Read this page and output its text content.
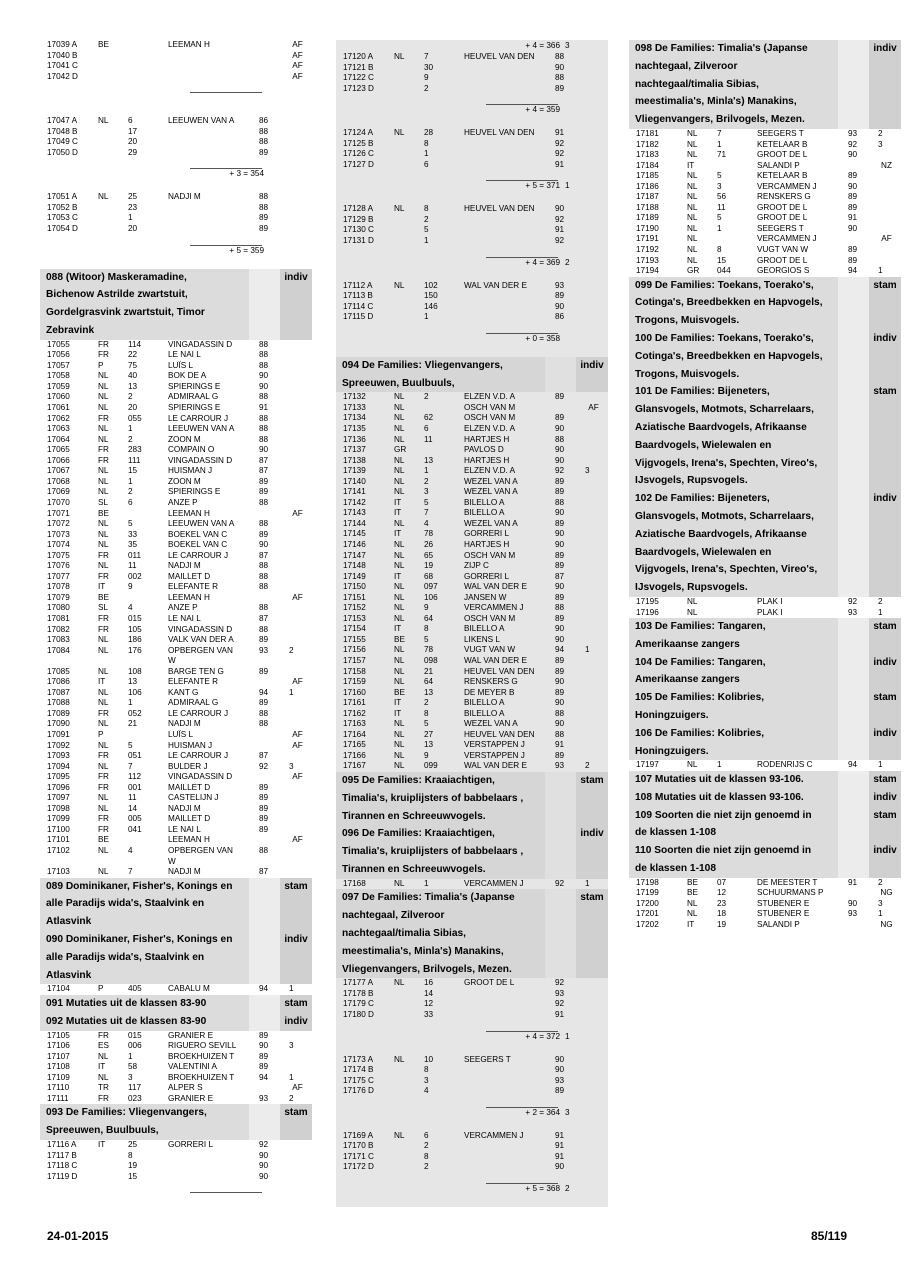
17039 A	BE	LEEMAN H	AF
17040 B	AF
17041 C	AF
17042 D	AF
17047 A	NL	6	LEEUWEN VAN A	86
17048 B	17	88
17049 C	20	88
17050 D	29	89
+ 3 = 354
17051 A	NL	25	NADJI M	88
17052 B	23	88
17053 C	1	89
17054 D	20	89
+ 5 = 359
088 (Witoor) Maskeramadine,
Bichenow Astrilde zwartstuit,
Gordelgrasvink zwartstuit, Timor
Zebravink
indiv
17055	FR	114	VINGADASSIN D	88
17056	FR	22	LE NAI L	88
17057	P	75	LUÏS L	88
17058	NL	40	BOK DE A	90
17059	NL	13	SPIERINGS E	90
17060	NL	2	ADMIRAAL G	88
17061	NL	20	SPIERINGS E	91
17062	FR	055	LE CARROUR J	88
17063	NL	1	LEEUWEN VAN A	88
17064	NL	2	ZOON M	88
17065	FR	283	COMPAIN O	90
17066	FR	111	VINGADASSIN D	87
17067	NL	15	HUISMAN J	87
17068	NL	1	ZOON M	89
17069	NL	2	SPIERINGS E	89
17070	SL	6	ANZE P	88
17071	BE	LEEMAN H	AF
17072	NL	5	LEEUWEN VAN A	88
17073	NL	33	BOEKEL VAN C	89
17074	NL	35	BOEKEL VAN C	90
17075	FR	011	LE CARROUR J	87
17076	NL	11	NADJI M	88
17077	FR	002	MAILLET D	88
17078	IT	9	ELEFANTE R	88
17079	BE	LEEMAN H	AF
17080	SL	4	ANZE P	88
17081	FR	015	LE NAI L	87
17082	FR	105	VINGADASSIN D	88
17083	NL	186	VALK VAN DER A	89
17084	NL	176	OPBERGEN VAN	93	2
W
17085	NL	108	BARGE TEN G	89
17086	IT	13	ELEFANTE R	AF
17087	NL	106	KANT G	94	1
17088	NL	1	ADMIRAAL G	89
17089	FR	052	LE CARROUR J	88
17090	NL	21	NADJI M	88
17091	P	LUÏS L	AF
17092	NL	5	HUISMAN J	AF
17093	FR	051	LE CARROUR J	87
17094	NL	7	BULDER J	92	3
17095	FR	112	VINGADASSIN D	AF
17096	FR	001	MAILLET D	89
17097	NL	11	CASTELIJN J	89
17098	NL	14	NADJI M	89
17099	FR	005	MAILLET D	89
17100	FR	041	LE NAI L	89
17101	BE	LEEMAN H	AF
17102	NL	4	OPBERGEN VAN	88
W
17103	NL	7	NADJI M	87
089 Dominikaner, Fisher's, Konings en
alle Paradijs wida's, Staalvink en
Atlasvink
stam
090 Dominikaner, Fisher's, Konings en
alle Paradijs wida's, Staalvink en
Atlasvink
indiv
17104	P	405	CABALU M	94	1
091 Mutaties uit de klassen 83-90	stam
092 Mutaties uit de klassen 83-90	indiv
17105	FR	015	GRANIER E	89
17106	ES	006	RIGUERO SEVILL	90	3
17107	NL	1	BROEKHUIZEN T	89
17108	IT	58	VALENTINI A	89
17109	NL	3	BROEKHUIZEN T	94	1
17110	TR	117	ALPER S	AF
17111	FR	023	GRANIER E	93	2
093 De Families: Vliegenvangers,
Spreeuwen, Buulbuuls,
stam
17116 A	IT	25	GORRERI L	92
17117 B	8	90
17118 C	19	90
17119 D	15	90
+ 4 = 366 3
17120 A	NL	7	HEUVEL VAN DEN	88
17121 B	30	90
17122 C	9	88
17123 D	2	89
+ 4 = 359
17124 A	NL	28	HEUVEL VAN DEN	91
17125 B	8	92
17126 C	1	92
17127 D	6	91
+ 5 = 371 1
17128 A	NL	8	HEUVEL VAN DEN	90
17129 B	2	92
17130 C	5	91
17131 D	1	92
+ 4 = 369 2
17112 A	NL	102	WAL VAN DER E	93
17113 B	150	89
17114 C	146	90
17115 D	1	86
+ 0 = 358
094 De Families: Vliegenvangers,
Spreeuwen, Buulbuuls,
indiv
17132	NL	2	ELZEN V.D. A	89
17133	NL	OSCH VAN M	AF
17134	NL	62	OSCH VAN M	89
17135	NL	6	ELZEN V.D. A	90
17136	NL	11	HARTJES H	88
17137	GR	PAVLOS D	90
17138	NL	13	HARTJES H	90
17139	NL	1	ELZEN V.D. A	92	3
17140	NL	2	WEZEL VAN A	89
17141	NL	3	WEZEL VAN A	89
17142	IT	5	BILELLO A	88
17143	IT	7	BILELLO A	90
17144	NL	4	WEZEL VAN A	89
17145	IT	78	GORRERI L	90
17146	NL	26	HARTJES H	90
17147	NL	65	OSCH VAN M	89
17148	NL	19	ZIJP C	89
17149	IT	68	GORRERI L	87
17150	NL	097	WAL VAN DER E	90
17151	NL	106	JANSEN W	89
17152	NL	9	VERCAMMEN J	88
17153	NL	64	OSCH VAN M	89
17154	IT	8	BILELLO A	90
17155	BE	5	LIKENS L	90
17156	NL	78	VUGT VAN W	94	1
17157	NL	098	WAL VAN DER E	89
17158	NL	21	HEUVEL VAN DEN	89
17159	NL	64	RENSKERS G	90
17160	BE	13	DE MEYER B	89
17161	IT	2	BILELLO A	90
17162	IT	8	BILELLO A	88
17163	NL	5	WEZEL VAN A	90
17164	NL	27	HEUVEL VAN DEN	88
17165	NL	13	VERSTAPPEN J	91
17166	NL	9	VERSTAPPEN J	89
17167	NL	099	WAL VAN DER E	93	2
095 De Families: Kraaiachtigen,
Timalia's, kruiplijsters of babbelaars ,
Tirannen en Schreeuwvogels.
stam
096 De Families: Kraaiachtigen,
Timalia's, kruiplijsters of babbelaars ,
Tirannen en Schreeuwvogels.
indiv
17168	NL	1	VERCAMMEN J	92	1
097 De Families: Timalia's (Japanse
nachtegaal, Zilveroor
nachtegaal/timalia Sibias,
meestimalia's, Minla's) Manakins,
Vliegenvangers, Brilvogels, Mezen.
stam
17177 A	NL	16	GROOT DE L	92
17178 B	14	93
17179 C	12	92
17180 D	33	91
+ 4 = 372 1
17173 A	NL	10	SEEGERS T	90
17174 B	8	90
17175 C	3	93
17176 D	4	89
+ 2 = 364 3
17169 A	NL	6	VERCAMMEN J	91
17170 B	2	91
17171 C	8	91
17172 D	2	90
+ 5 = 368 2
098 De Families: Timalia's (Japanse
nachtegaal, Zilveroor
nachtegaal/timalia Sibias,
meestimalia's, Minla's) Manakins,
Vliegenvangers, Brilvogels, Mezen.
indiv
17181	NL	7	SEEGERS T	93	2
17182	NL	1	KETELAAR B	92	3
17183	NL	71	GROOT DE L	90
17184	IT	SALANDI P	NZ
17185	NL	5	KETELAAR B	89
17186	NL	3	VERCAMMEN J	90
17187	NL	56	RENSKERS G	89
17188	NL	11	GROOT DE L	89
17189	NL	5	GROOT DE L	91
17190	NL	1	SEEGERS T	90
17191	NL	VERCAMMEN J	AF
17192	NL	8	VUGT VAN W	89
17193	NL	15	GROOT DE L	89
17194	GR	044	GEORGIOS S	94	1
099 De Families: Toekans, Toerako's,
Cotinga's, Breedbekken en Hapvogels,
Trogons, Muisvogels.
stam
100 De Families: Toekans, Toerako's,
Cotinga's, Breedbekken en Hapvogels,
Trogons, Muisvogels.
indiv
101 De Families: Bijeneters,
Glansvogels, Motmots, Scharrelaars,
Aziatische Baardvogels, Afrikaanse
Baardvogels, Wielewalen en
Vijgvogels, Irena's, Spechten, Vireo's,
IJsvogels, Rupsvogels.
stam
102 De Families: Bijeneters,
Glansvogels, Motmots, Scharrelaars,
Aziatische Baardvogels, Afrikaanse
Baardvogels, Wielewalen en
Vijgvogels, Irena's, Spechten, Vireo's,
IJsvogels, Rupsvogels.
indiv
17195	NL	PLAK I	92	2
17196	NL	PLAK I	93	1
103 De Families: Tangaren,
Amerikaanse zangers
stam
104 De Families: Tangaren,
Amerikaanse zangers
indiv
105 De Families: Kolibries,
Honingzuigers.
stam
106 De Families: Kolibries,
Honingzuigers.
indiv
17197	NL	1	RODENRIJS C	94	1
107 Mutaties uit de klassen 93-106.	stam
108 Mutaties uit de klassen 93-106.	indiv
109 Soorten die niet zijn genoemd in
de klassen 1-108
stam
110 Soorten die niet zijn genoemd in
de klassen 1-108
indiv
17198	BE	07	DE MEESTER T	91	2
17199	BE	12	SCHUURMANS P	NG
17200	NL	23	STUBENER E	90	3
17201	NL	18	STUBENER E	93	1
17202	IT	19	SALANDI P	NG
24-01-2015	85/119
